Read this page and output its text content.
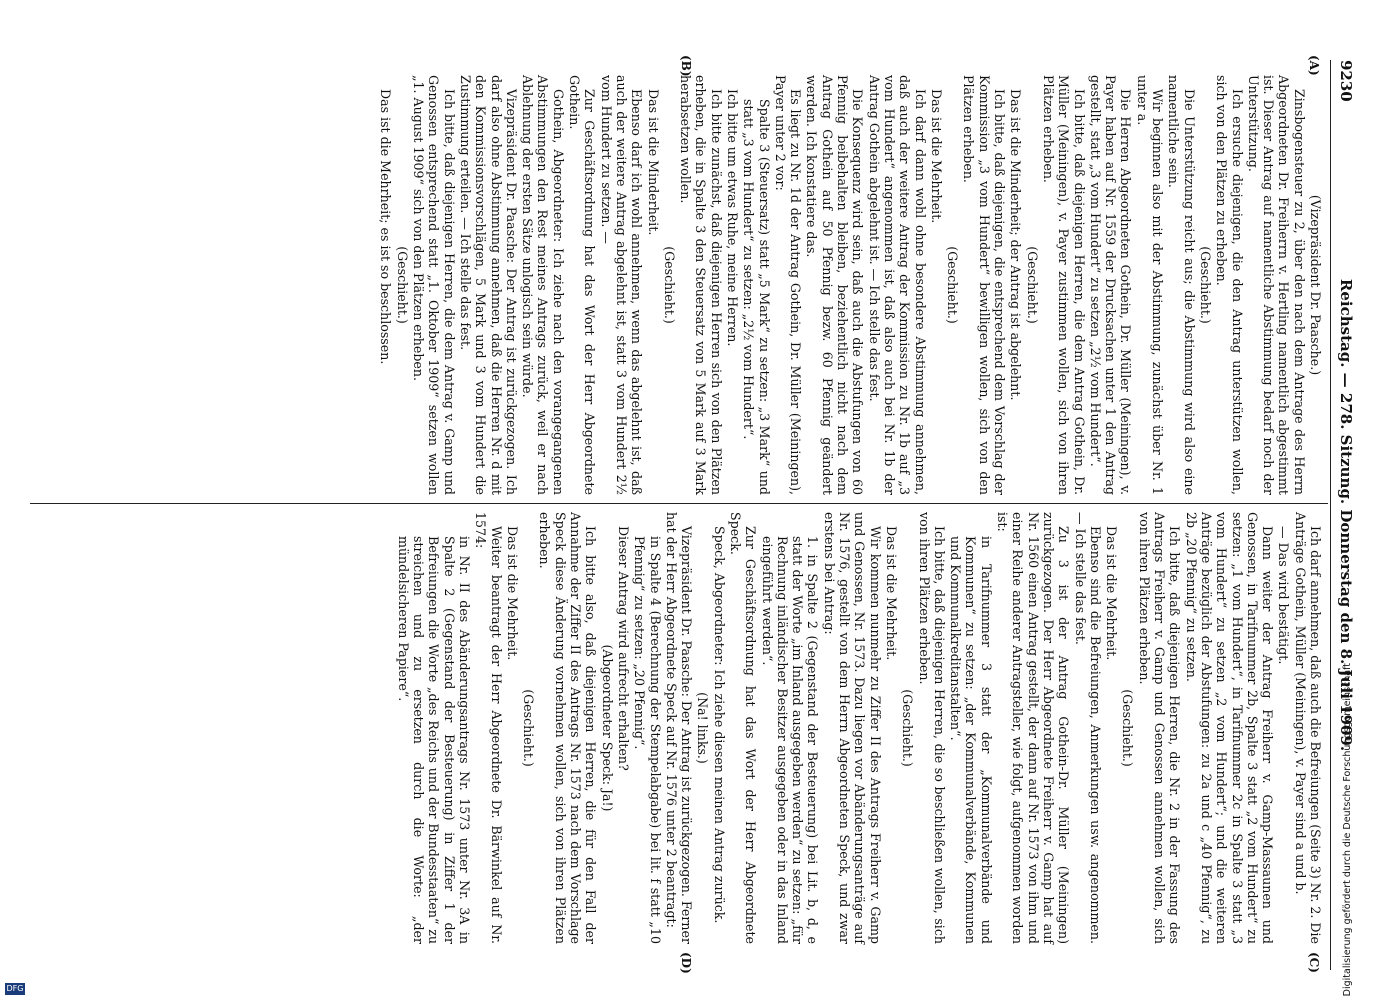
9230
Reichstag. — 278. Sitzung. Donnerstag den 8. Juli 1909.
(A)
(B)
(C)
(D)

(Vizepräsident Dr. Paasche.)

Zinsbogensteuer zu 2, über den nach dem Antrage des Herrn Abgeordneten Dr. Freiherrn v. Hertling namentlich abgestimmt ist. Dieser Antrag auf namentliche Abstimmung bedarf noch der Unterstützung.

Ich ersuche diejenigen, die den Antrag unterstützen wollen, sich von den Plätzen zu erheben.

(Geschieht.)

Die Unterstützung reicht aus; die Abstimmung wird also eine namentliche sein.

Wir beginnen also mit der Abstimmung, zunächst über Nr. 1 unter a.

Die Herren Abgeordneten Gothein, Dr. Müller (Meiningen), v. Payer haben auf Nr. 1559 der Drucksachen unter 1 den Antrag gestellt, statt „3 vom Hundert“ zu setzen „2½ vom Hundert“.

Ich bitte, daß diejenigen Herren, die dem Antrag Gothein, Dr. Müller (Meiningen), v. Payer zustimmen wollen, sich von ihren Plätzen erheben.

(Geschieht.)

Das ist die Minderheit; der Antrag ist abgelehnt.

Ich bitte, daß diejenigen, die entsprechend dem Vorschlag der Kommission „3 vom Hundert“ bewilligen wollen, sich von den Plätzen erheben.

(Geschieht.)

Das ist die Mehrheit.

Ich darf dann wohl ohne besondere Abstimmung annehmen, daß auch der weitere Antrag der Kommission zu Nr. 1b auf „3 vom Hundert“ angenommen ist, daß also auch bei Nr. 1b der Antrag Gothein abgelehnt ist. — Ich stelle das fest.

Die Konsequenz wird sein, daß auch die Abstufungen von 60 Pfennig beibehalten bleiben, beziehentlich nicht nach dem Antrag Gothein auf 50 Pfennig bezw. 60 Pfennig geändert werden. Ich konstatiere das.

Es liegt zu Nr. 1d der Antrag Gothein, Dr. Müller (Meiningen), Payer unter 2 vor:

Spalte 3 (Steuersatz) statt „5 Mark“ zu setzen: „3 Mark“ und statt „3 vom Hundert“ zu setzen: „2½ vom Hundert“.

Ich bitte um etwas Ruhe, meine Herren.

Ich bitte zunächst, daß diejenigen Herren sich von den Plätzen erheben, die in Spalte 3 den Steuersatz von 5 Mark auf 3 Mark herabsetzen wollen.

(Geschieht.)

Das ist die Minderheit.

Ebenso darf ich wohl annehmen, wenn das abgelehnt ist, daß auch der weitere Antrag abgelehnt ist, statt 3 vom Hundert 2½ vom Hundert zu setzen. —

Zur Geschäftsordnung hat das Wort der Herr Abgeordnete Gothein.

Gothein, Abgeordneter: Ich ziehe nach den vorangegangenen Abstimmungen den Rest meines Antrags zurück, weil er nach Ablehnung der ersten Sätze unlogisch sein würde.

Vizepräsident Dr. Paasche: Der Antrag ist zurückgezogen. Ich darf also ohne Abstimmung annehmen, daß die Herren Nr. d mit den Kommissionsvorschlägen, 5 Mark und 3 vom Hundert die Zustimmung erteilen. — Ich stelle das fest.

Ich bitte, daß diejenigen Herren, die dem Antrag v. Gamp und Genossen entsprechend statt „1. Oktober 1909“ setzen wollen „1. August 1909“ sich von den Plätzen erheben.

(Geschieht.)

Das ist die Mehrheit; es ist so beschlossen.

Ich darf annehmen, daß auch die Befreiungen (Seite 3) Nr. 2. Die Anträge Gothein, Müller (Meiningen), v. Payer sind a und b.

— Das wird bestätigt.

Dann weiter der Antrag Freiherr v. Gamp-Massaunen und Genossen, in Tarifnummer 2b, Spalte 3 statt „2 vom Hundert“ zu setzen: „1 vom Hundert“, in Tarifnummer 2c in Spalte 3 statt „3 vom Hundert“ zu setzen „2 vom Hundert“; und die weiteren Anträge bezüglich der Abstufungen: zu 2a und c „40 Pfennig“, zu 2b „20 Pfennig“ zu setzen.

Ich bitte, daß diejenigen Herren, die Nr. 2 in der Fassung des Antrags Freiherr v. Gamp und Genossen annehmen wollen, sich von ihren Plätzen erheben.

(Geschieht.)

Das ist die Mehrheit.

Ebenso sind die Befreiungen, Anmerkungen usw. angenommen. — Ich stelle das fest.

Zu 3 ist der Antrag Gothein-Dr. Müller (Meiningen) zurückgezogen. Der Herr Abgeordnete Freiherr v. Gamp hat auf Nr. 1560 einen Antrag gestellt, der dann auf Nr. 1573 von ihm und einer Reihe anderer Antragsteller, wie folgt, aufgenommen worden ist:

in Tarifnummer 3 statt der „Kommunalverbände und Kommunen“ zu setzen: „der Kommunalverbände, Kommunen und Kommunalkreditanstalten“.

Ich bitte, daß diejenigen Herren, die so beschließen wollen, sich von ihren Plätzen erheben.

(Geschieht.)

Das ist die Mehrheit.

Wir kommen nunmehr zu Ziffer II des Antrags Freiherr v. Gamp und Genossen, Nr. 1573. Dazu liegen vor Abänderungsanträge auf Nr. 1576, gestellt von dem Herrn Abgeordneten Speck, und zwar erstens bei Antrag:

1. in Spalte 2 (Gegenstand der Besteuerung) bei Lit. b, d, e statt der Worte „im Inland ausgegeben werden“ zu setzen: „für Rechnung inländischer Besitzer ausgegeben oder in das Inland eingeführt werden“.

Zur Geschäftsordnung hat das Wort der Herr Abgeordnete Speck.

Speck, Abgeordneter: Ich ziehe diesen meinen Antrag zurück.

(Na! links.)

Vizepräsident Dr. Paasche: Der Antrag ist zurückgezogen. Ferner hat der Herr Abgeordnete Speck auf Nr. 1576 unter 2 beantragt:

in Spalte 4 (Berechnung der Stempelabgabe) bei lit. f statt „10 Pfennig“ zu setzen: „20 Pfennig“.

Dieser Antrag wird aufrecht erhalten?

(Abgeordneter Speck: Ja!)

Ich bitte also, daß diejenigen Herren, die für den Fall der Annahme der Ziffer II des Antrags Nr. 1573 nach dem Vorschlage Speck diese Änderung vornehmen wollen, sich von ihren Plätzen erheben.

(Geschieht.)

Das ist die Mehrheit.

Weiter beantragt der Herr Abgeordnete Dr. Bärwinkel auf Nr. 1574:

in Nr. II des Abänderungsantrags Nr. 1573 unter Nr. 3A in Spalte 2 (Gegenstand der Besteuerung) in Ziffer 1 der Befreiungen die Worte „des Reichs und der Bundesstaaten“ zu streichen und zu ersetzen durch die Worte: „der mündelsicheren Papiere“.

Digitalisierung gefördert durch die Deutsche Forschungsgemeinschaft
DFG
